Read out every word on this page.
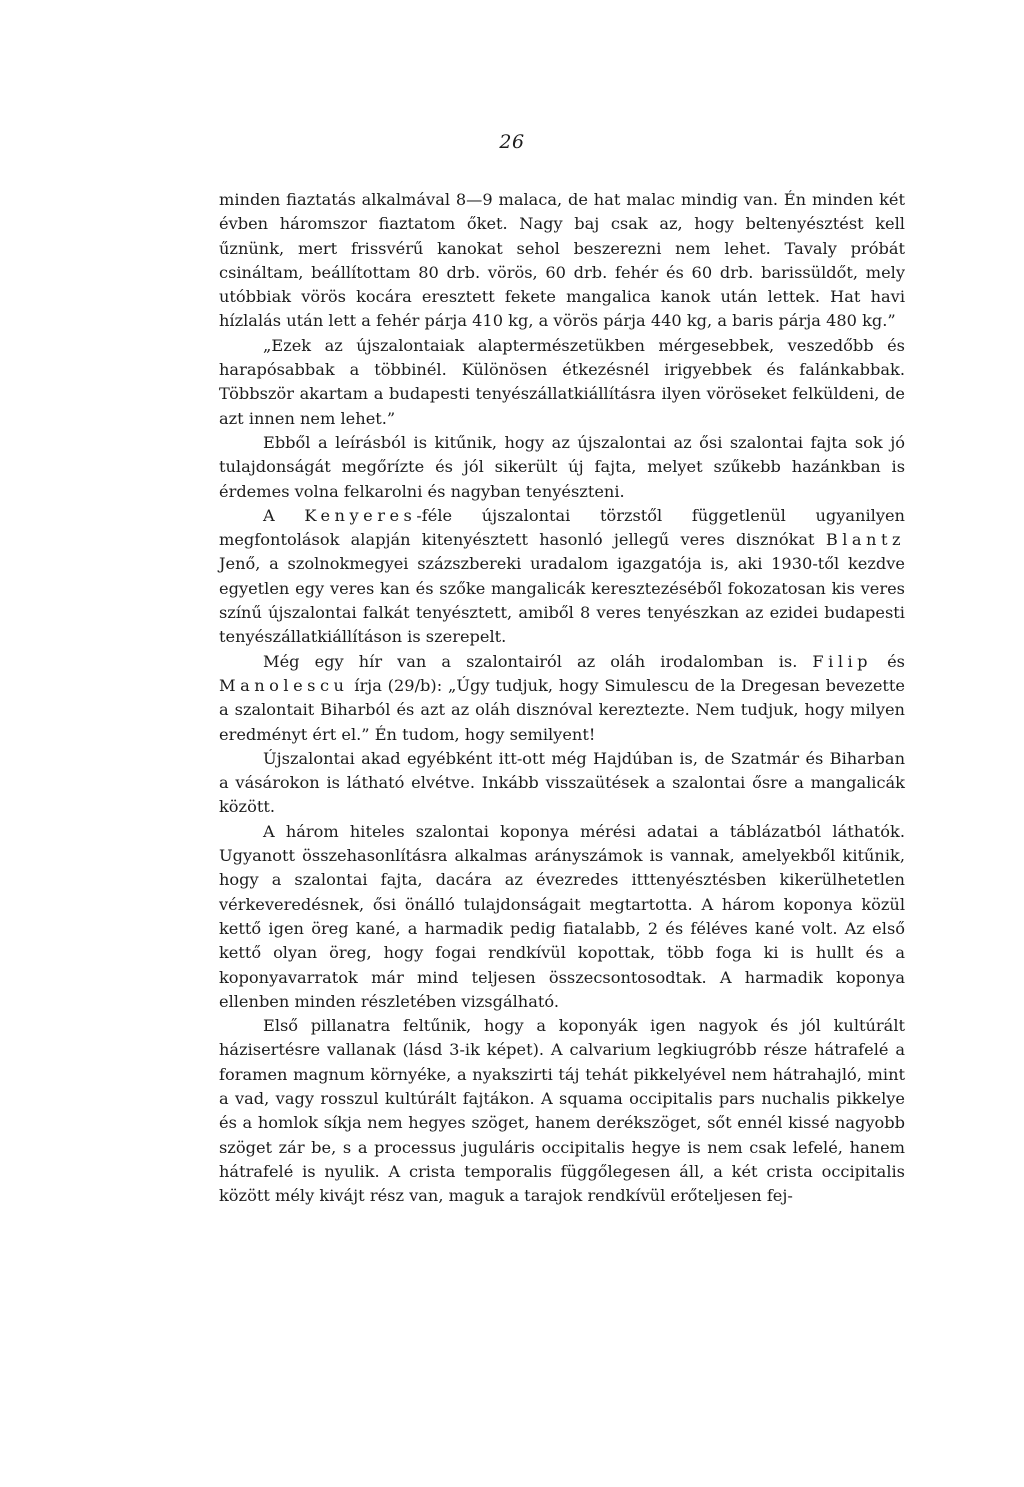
26

minden fiaztatás alkalmával 8—9 malaca, de hat malac mindig van. Én minden két évben háromszor fiaztatom őket. Nagy baj csak az, hogy beltenyésztést kell űznünk, mert frissvérű kanokat sehol beszerezni nem lehet. Tavaly próbát csináltam, beállítottam 80 drb. vörös, 60 drb. fehér és 60 drb. barissüldőt, mely utóbbiak vörös kocára eresztett fekete mangalica kanok után lettek. Hat havi hízlalás után lett a fehér párja 410 kg, a vörös párja 440 kg, a baris párja 480 kg.”

„Ezek az újszalontaiak alaptermészetükben mérgesebbek, veszedőbb és harapósabbak a többinél. Különösen étkezésnél irigyebbek és falánkabbak. Többször akartam a budapesti tenyészállatkiállításra ilyen vöröseket felküldeni, de azt innen nem lehet.”

Ebből a leírásból is kitűnik, hogy az újszalontai az ősi szalontai fajta sok jó tulajdonságát megőrízte és jól sikerült új fajta, melyet szűkebb hazánkban is érdemes volna felkarolni és nagyban tenyészteni.

A Kenyeres-féle újszalontai törzstől függetlenül ugyanilyen megfontolások alapján kitenyésztett hasonló jellegű veres disznókat Blantz Jenő, a szolnokmegyei százszbereki uradalom igazgatója is, aki 1930-től kezdve egyetlen egy veres kan és szőke mangalicák keresztezéséből fokozatosan kis veres színű újszalontai falkát tenyésztett, amiből 8 veres tenyészkan az ezidei budapesti tenyészállatkiállításon is szerepelt.

Még egy hír van a szalontairól az oláh irodalomban is. Filip és Manolescu írja (29/b): „Úgy tudjuk, hogy Simulescu de la Dregesan bevezette a szalontait Biharból és azt az oláh disznóval kereztezte. Nem tudjuk, hogy milyen eredményt ért el.” Én tudom, hogy semilyent!

Újszalontai akad egyébként itt-ott még Hajdúban is, de Szatmár és Biharban a vásárokon is látható elvétve. Inkább visszaütések a szalontai ősre a mangalicák között.

A három hiteles szalontai koponya mérési adatai a táblázatból láthatók. Ugyanott összehasonlításra alkalmas arányszámok is vannak, amelyekből kitűnik, hogy a szalontai fajta, dacára az évezredes itttenyésztésben kikerülhetetlen vérkeveredésnek, ősi önálló tulajdonságait megtartotta. A három koponya közül kettő igen öreg kané, a harmadik pedig fiatalabb, 2 és féléves kané volt. Az első kettő olyan öreg, hogy fogai rendkívül kopottak, több foga ki is hullt és a koponyavarratok már mind teljesen összecsontosodtak. A harmadik koponya ellenben minden részletében vizsgálható.

Első pillanatra feltűnik, hogy a koponyák igen nagyok és jól kultúrált házisertésre vallanak (lásd 3-ik képet). A calvarium legkiugróbb része hátrafelé a foramen magnum környéke, a nyakszirti táj tehát pikkelyével nem hátrahajló, mint a vad, vagy rosszul kultúrált fajtákon. A squama occipitalis pars nuchalis pikkelye és a homlok síkja nem hegyes szöget, hanem derékszöget, sőt ennél kissé nagyobb szöget zár be, s a processus juguláris occipitalis hegye is nem csak lefelé, hanem hátrafelé is nyulik. A crista temporalis függőlegesen áll, a két crista occipitalis között mély kivájt rész van, maguk a tarajok rendkívül erőteljesen fej-
